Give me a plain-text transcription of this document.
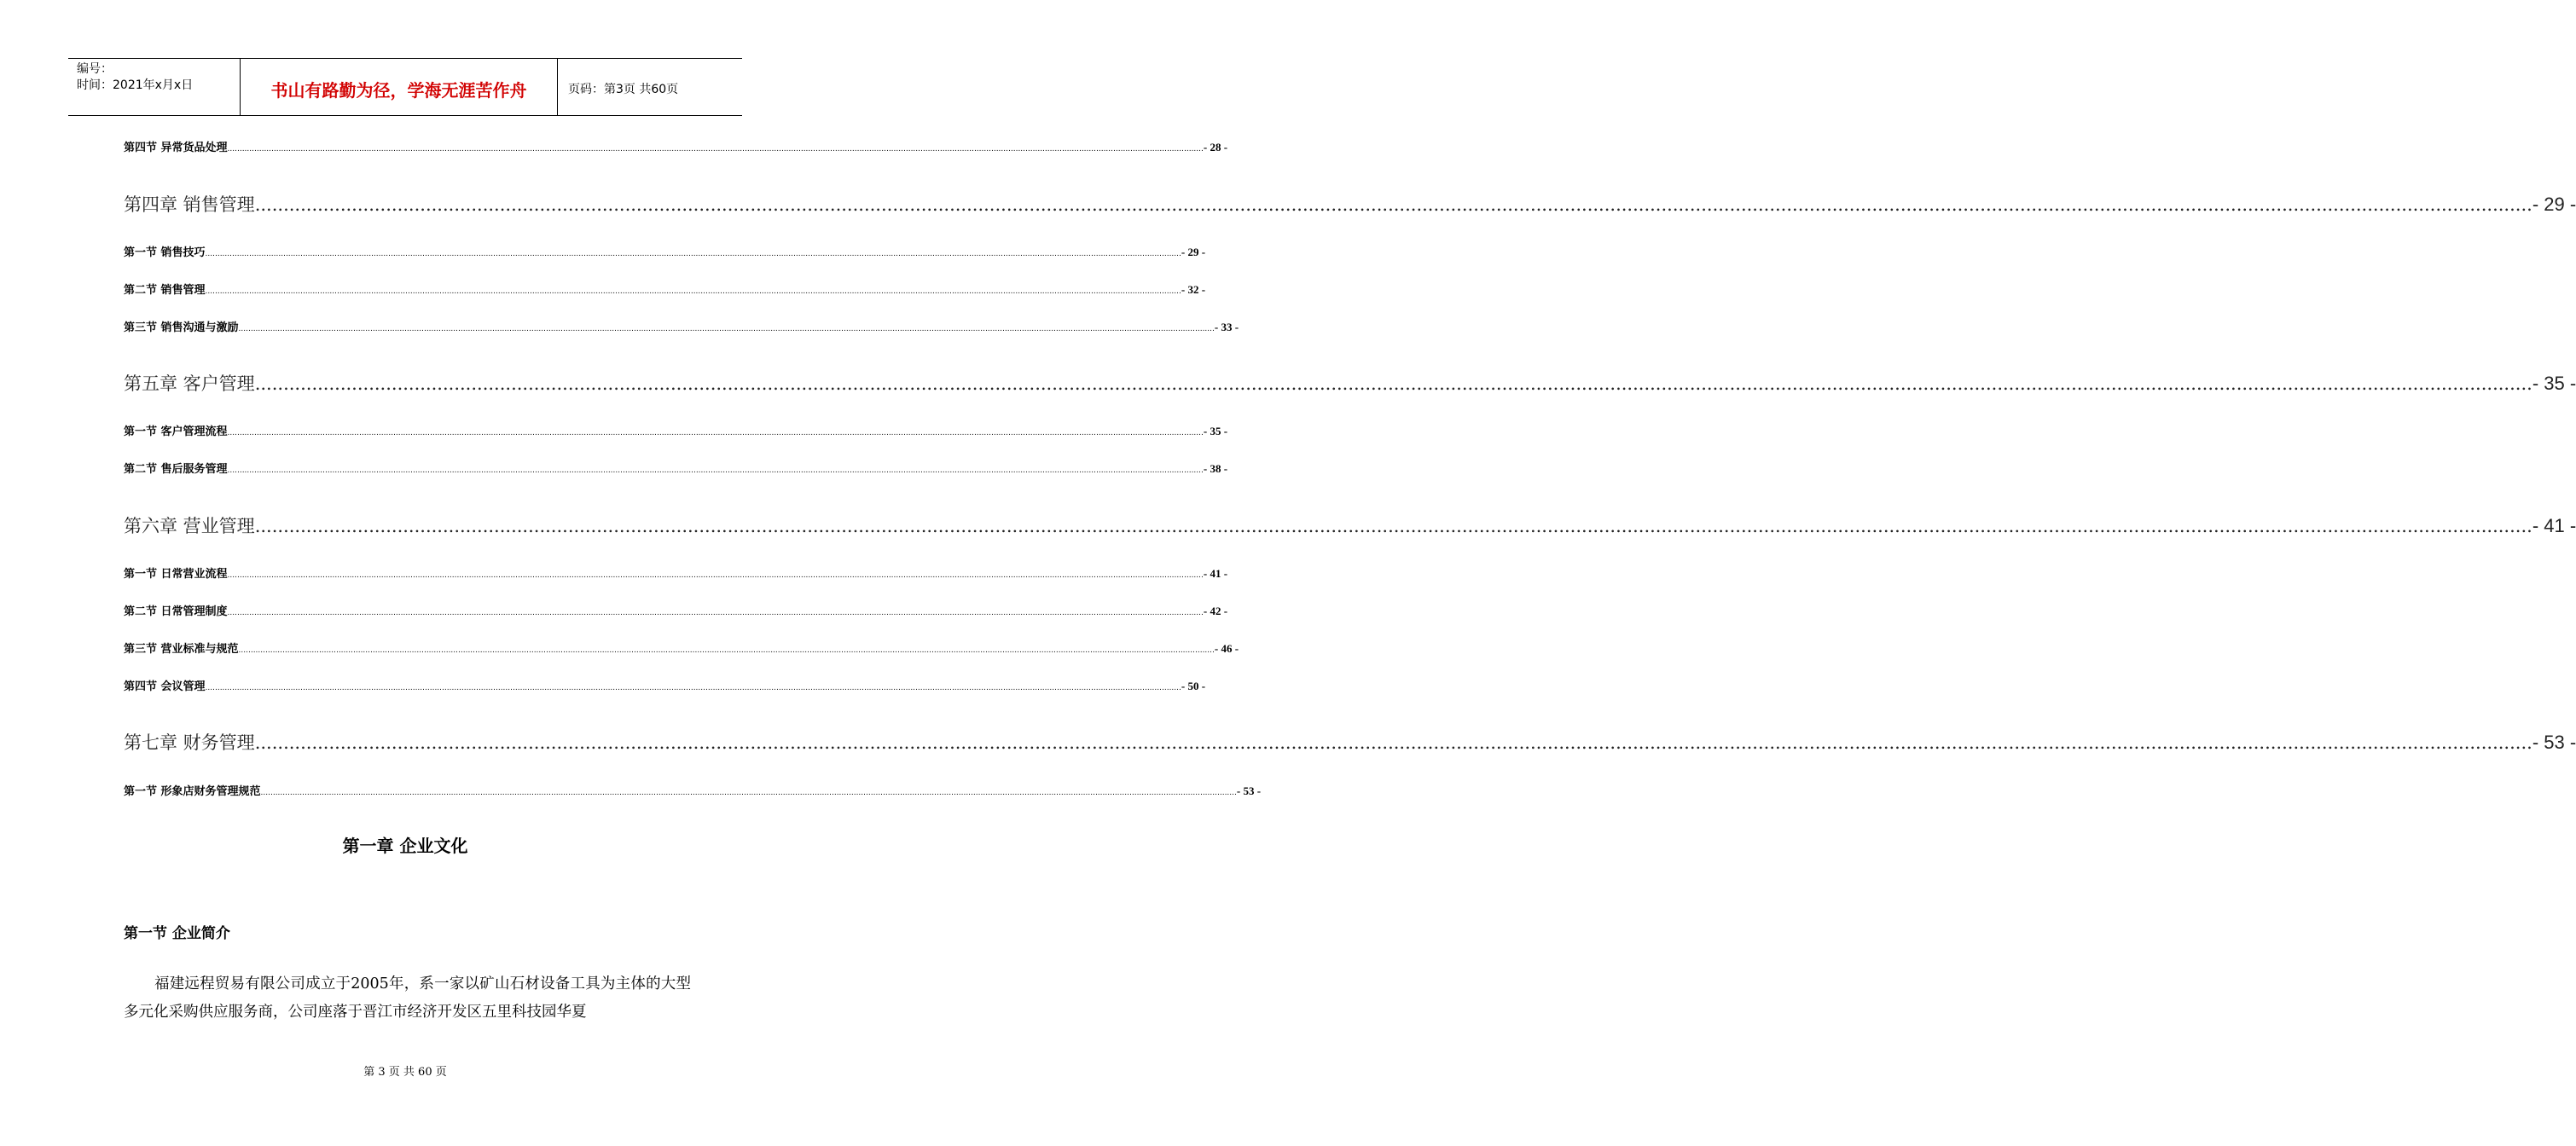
编号：
时间：2021年x月x日	书山有路勤为径，学海无涯苦作舟	页码：第3页 共60页
第四节 异常货品处理 ................................................................................................................................................................................................................................................................................................................................................................................................................ - 28 -
第四章 销售管理 ................................................................................................................................................................................................................................................................................................................................................................................................................ - 29 -
第一节 销售技巧 ................................................................................................................................................................................................................................................................................................................................................................................................................ - 29 -
第二节 销售管理 ................................................................................................................................................................................................................................................................................................................................................................................................................ - 32 -
第三节 销售沟通与激励 ................................................................................................................................................................................................................................................................................................................................................................................................................ - 33 -
第五章 客户管理 ................................................................................................................................................................................................................................................................................................................................................................................................................ - 35 -
第一节 客户管理流程 ................................................................................................................................................................................................................................................................................................................................................................................................................ - 35 -
第二节 售后服务管理 ................................................................................................................................................................................................................................................................................................................................................................................................................ - 38 -
第六章 营业管理 ................................................................................................................................................................................................................................................................................................................................................................................................................ - 41 -
第一节 日常营业流程 ................................................................................................................................................................................................................................................................................................................................................................................................................ - 41 -
第二节 日常管理制度 ................................................................................................................................................................................................................................................................................................................................................................................................................ - 42 -
第三节 营业标准与规范 ................................................................................................................................................................................................................................................................................................................................................................................................................ - 46 -
第四节 会议管理 ................................................................................................................................................................................................................................................................................................................................................................................................................ - 50 -
第七章 财务管理 ................................................................................................................................................................................................................................................................................................................................................................................................................ - 53 -
第一节 形象店财务管理规范 ................................................................................................................................................................................................................................................................................................................................................................................................................ - 53 -
第一章 企业文化
第一节 企业简介
福建远程贸易有限公司成立于2005年，系一家以矿山石材设备工具为主体的大型多元化采购供应服务商，公司座落于晋江市经济开发区五里科技园华夏
第 3 页 共 60 页
